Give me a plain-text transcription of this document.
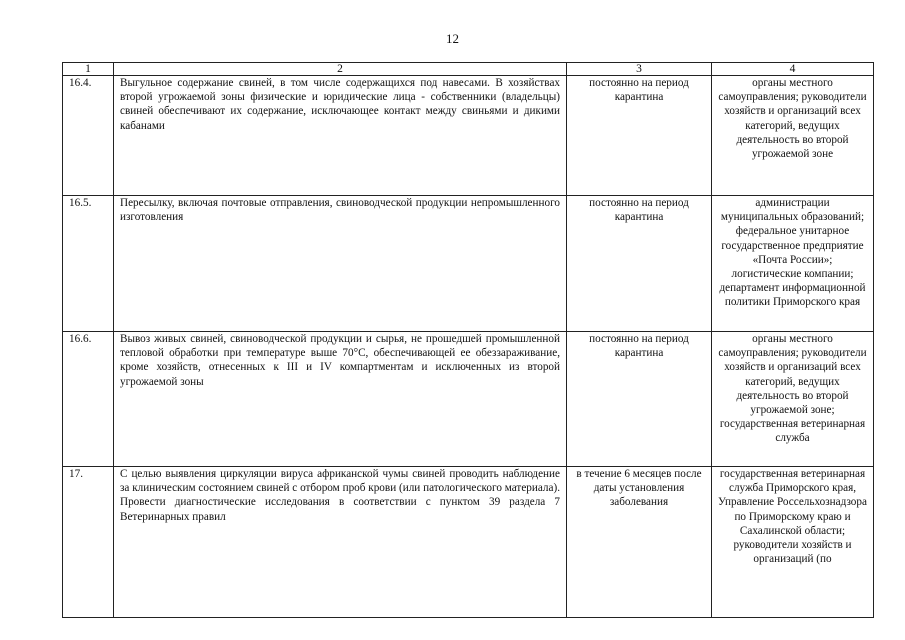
12
1	2	3	4
16.4.	Выгульное содержание свиней, в том числе содержащихся под навесами. В хозяйствах второй угрожаемой зоны физические и юридические лица - собственники (владельцы) свиней обеспечивают их содержание, исключающее контакт между свиньями и дикими кабанами	постоянно на период карантина	органы местного самоуправления; руководители хозяйств и организаций всех категорий, ведущих деятельность во второй угрожаемой зоне
16.5.	Пересылку, включая почтовые отправления, свиноводческой продукции непромышленного изготовления	постоянно на период карантина	администрации муниципальных образований; федеральное унитарное государственное предприятие «Почта России»; логистические компании; департамент информационной политики Приморского края
16.6.	Вывоз живых свиней, свиноводческой продукции и сырья, не прошедшей промышленной тепловой обработки при температуре выше 70°С, обеспечивающей ее обеззараживание, кроме хозяйств, отнесенных к III и IV компартментам и исключенных из второй угрожаемой зоны	постоянно на период карантина	органы местного самоуправления; руководители хозяйств и организаций всех категорий, ведущих деятельность во второй угрожаемой зоне; государственная ветеринарная служба
17.	С целью выявления циркуляции вируса африканской чумы свиней проводить наблюдение за клиническим состоянием свиней с отбором проб крови (или патологического материала). Провести диагностические исследования в соответствии с пунктом 39 раздела 7 Ветеринарных правил	в течение 6 месяцев после даты установления заболевания	государственная ветеринарная служба Приморского края, Управление Россельхознадзора по Приморскому краю и Сахалинской области; руководители хозяйств и организаций (по
